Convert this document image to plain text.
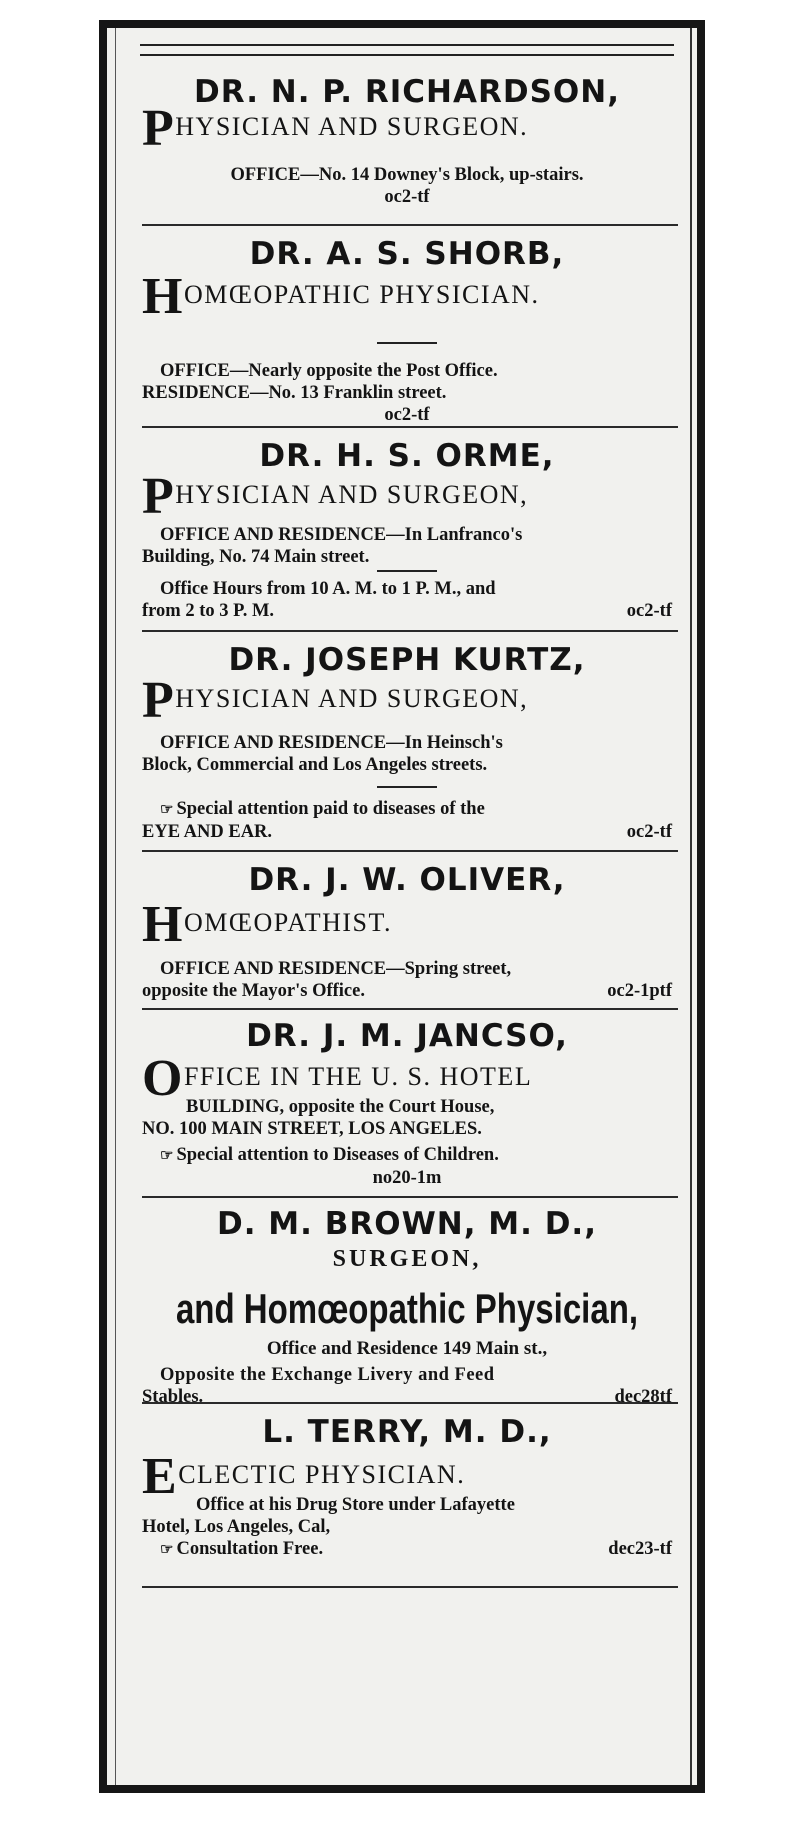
DR. N. P. RICHARDSON,
PHYSICIAN AND SURGEON.
OFFICE—No. 14 Downey's Block, up-stairs.
oc2-tf
DR. A. S. SHORB,
HOMŒOPATHIC PHYSICIAN.
OFFICE—Nearly opposite the Post Office.
RESIDENCE—No. 13 Franklin street.
oc2-tf
DR. H. S. ORME,
PHYSICIAN AND SURGEON,
OFFICE AND RESIDENCE—In Lanfranco's
Building, No. 74 Main street.
Office Hours from 10 A. M. to 1 P. M., and
from 2 to 3 P. M.	oc2-tf
DR. JOSEPH KURTZ,
PHYSICIAN AND SURGEON,
OFFICE AND RESIDENCE—In Heinsch's
Block, Commercial and Los Angeles streets.
☞ Special attention paid to diseases of the
EYE AND EAR.	oc2-tf
DR. J. W. OLIVER,
HOMŒOPATHIST.
OFFICE AND RESIDENCE—Spring street,
opposite the Mayor's Office.	oc2-1ptf
DR. J. M. JANCSO,
OFFICE IN THE U. S. HOTEL
BUILDING, opposite the Court House,
NO. 100 MAIN STREET, LOS ANGELES.
☞ Special attention to Diseases of Children.
no20-1m
D. M. BROWN, M. D.,
SURGEON,
and Homœopathic Physician,
Office and Residence 149 Main st.,
Opposite the Exchange Livery and Feed
Stables.	dec28tf
L. TERRY, M. D.,
ECLECTIC PHYSICIAN.
Office at his Drug Store under Lafayette
Hotel, Los Angeles, Cal,
☞ Consultation Free.	dec23-tf
